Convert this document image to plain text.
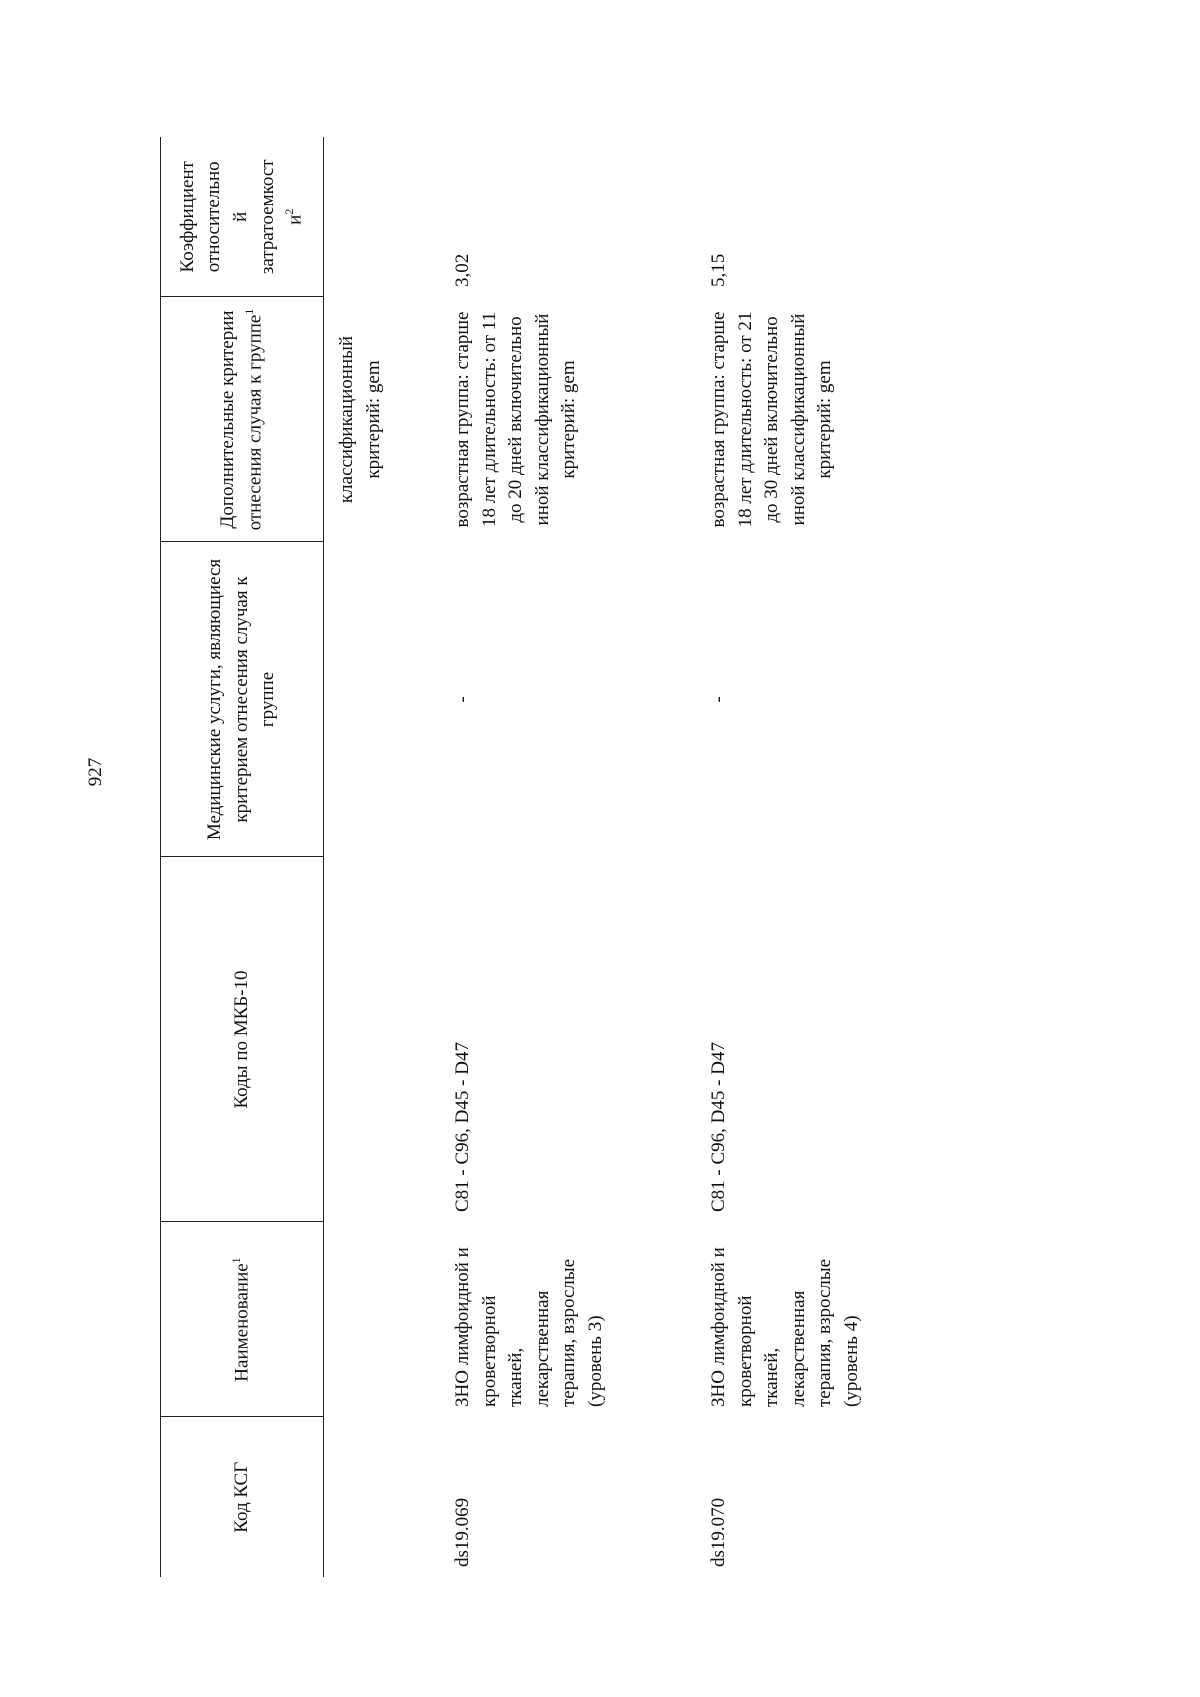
927
Код КСГ	Наименование$^1$	Коды по МКБ-10	Медицинские услуги, являющиеся критерием отнесения случая к группе	Дополнительные критерии отнесения случая к группе$^1$	Коэффициент относительно й затратоемкост $и^2$
				классификационный критерий: gem	
ds19.069	ЗНО лимфоидной и кроветворной тканей, лекарственная терапия, взрослые (уровень 3)	C81 - C96, D45 - D47	-	возрастная группа: старше 18 лет длительность: от 11 до 20 дней включительно иной классификационный критерий: gem	3,02
ds19.070	ЗНО лимфоидной и кроветворной тканей, лекарственная терапия, взрослые (уровень 4)	C81 - C96, D45 - D47	-	возрастная группа: старше 18 лет длительность: от 21 до 30 дней включительно иной классификационный критерий: gem	5,15
